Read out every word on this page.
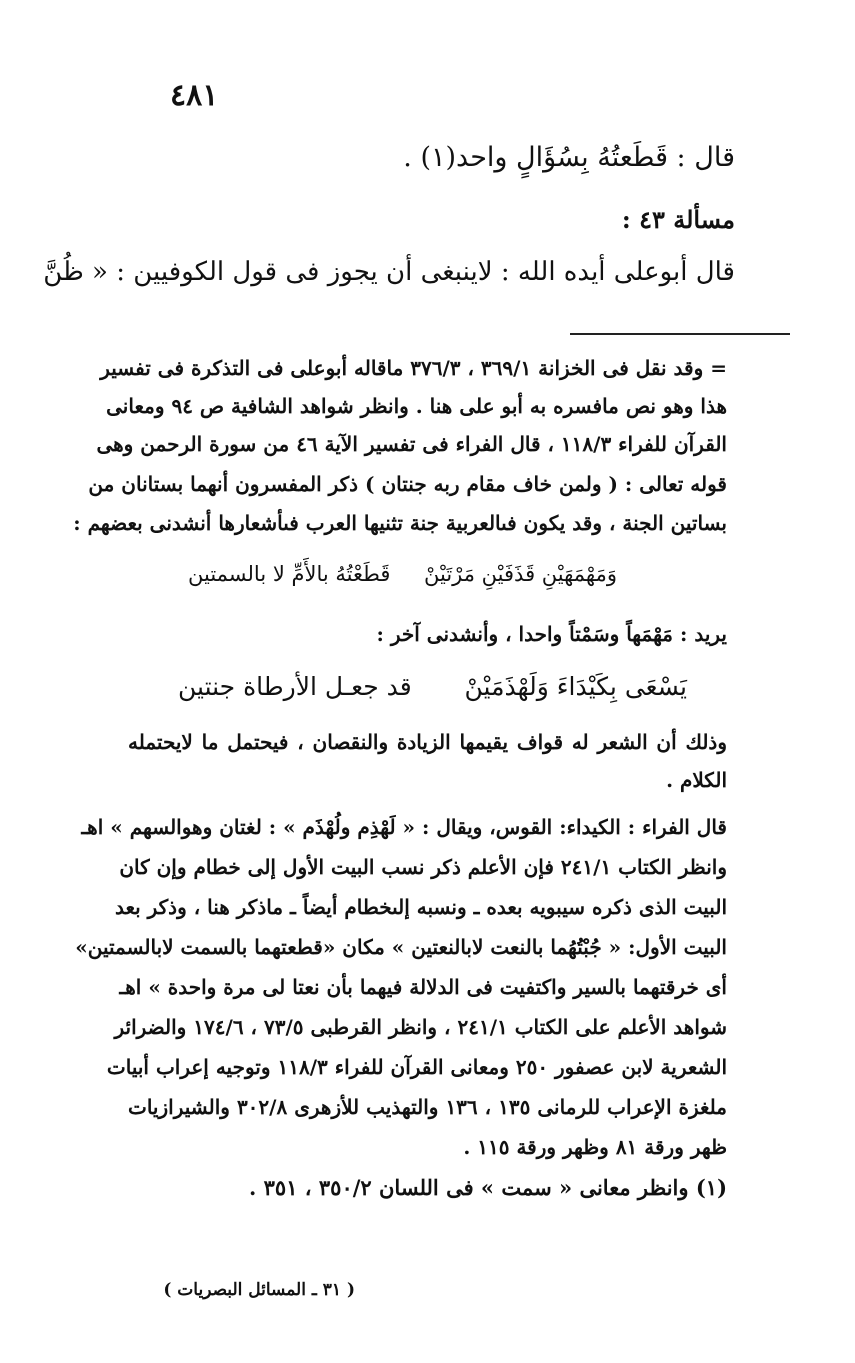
٤٨١
قال : قَطَعتُهُ بِسُؤَالٍ واحد(١) .
مسألة ٤٣ :
قال أبوعلى أيده الله : لاينبغى أن يجوز فى قول الكوفيين : « ظُنَّ
= وقد نقل فى الخزانة ٣٦٩/١ ، ٣٧٦/٣ ماقاله أبوعلى فى التذكرة فى تفسير
هذا وهو نص مافسره به أبو على هنا . وانظر شواهد الشافية ص ٩٤ ومعانى
القرآن للفراء ١١٨/٣ ، قال الفراء فى تفسير الآية ٤٦ من سورة الرحمن وهى
قوله تعالى : ( ولمن خاف مقام ربه جنتان ) ذكر المفسرون أنهما بستانان من
بساتين الجنة ، وقد يكون فىالعربية جنة تثنيها العرب فىأشعارها أنشدنى بعضهم :
وَمَهْمَهَيْنِ قَذَفَيْنِ مَرْتَيْنْ
قَطَعْتُهُ بالأَمِّ لا بالسمتين
يريد : مَهْمَهاً وسَمْتاً واحدا ، وأنشدنى آخر :
يَسْعَى بِكَيْدَاءَ وَلَهْذَمَيْنْ
قد جعـل الأرطاة جنتين
وذلك أن الشعر له قواف يقيمها الزيادة والنقصان ، فيحتمل ما لايحتمله
الكلام .
قال الفراء : الكيداء: القوس، ويقال : « لَهْذِم ولُهْذَم » : لغتان وهوالسهم » اهـ
وانظر الكتاب ٢٤١/١ فإن الأعلم ذكر نسب البيت الأول إلى خطام وإن كان
البيت الذى ذكره سيبويه بعده ـ ونسبه إلىخطام أيضاً ـ ماذكر هنا ، وذكر بعد
البيت الأول: « جُبْتُهُما بالنعت لابالنعتين » مكان «قطعتهما بالسمت لابالسمتين»
أى خرقتهما بالسير واكتفيت فى الدلالة فيهما بأن نعتا لى مرة واحدة » اهـ
شواهد الأعلم على الكتاب ٢٤١/١ ، وانظر القرطبى ٧٣/٥ ، ١٧٤/٦ والضرائر
الشعرية لابن عصفور ٢٥٠ ومعانى القرآن للفراء ١١٨/٣ وتوجيه إعراب أبيات
ملغزة الإعراب للرمانى ١٣٥ ، ١٣٦ والتهذيب للأزهرى ٣٠٢/٨ والشيرازيات
ظهر ورقة ٨١ وظهر ورقة ١١٥ .
(١) وانظر معانى « سمت » فى اللسان ٣٥٠/٢ ، ٣٥١ .
( ٣١ ـ المسائل البصريات )
